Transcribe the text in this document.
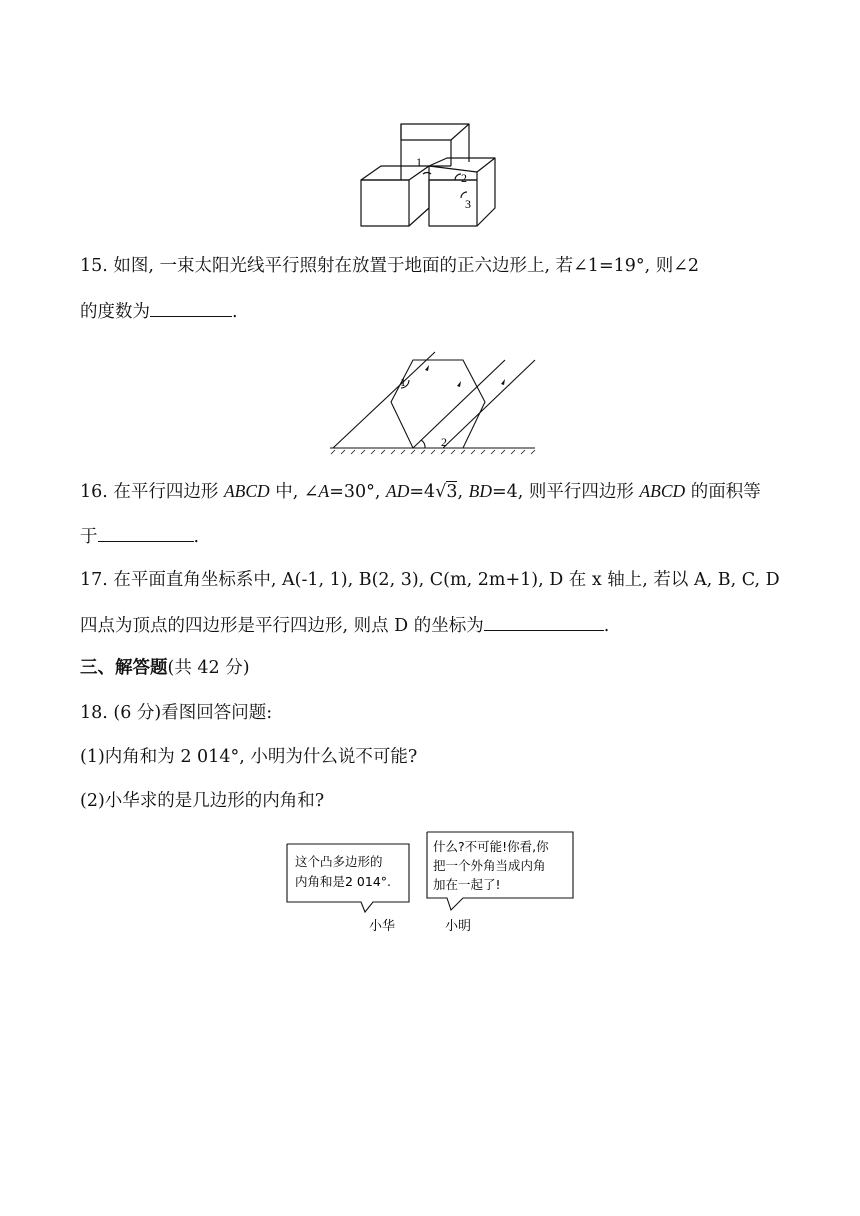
1
2
3
15. 如图, 一束太阳光线平行照射在放置于地面的正六边形上, 若∠1=19°, 则∠2
的度数为	.
1
2
16. 在平行四边形 ABCD 中, ∠A=30°, AD=4√3, BD=4, 则平行四边形 ABCD 的面积等
于	.
17. 在平面直角坐标系中, A(-1, 1), B(2, 3), C(m, 2m+1), D 在 x 轴上, 若以 A, B, C, D
四点为顶点的四边形是平行四边形, 则点 D 的坐标为	.
三、解答题(共 42 分)
18. (6 分)看图回答问题:
(1)内角和为 2 014°, 小明为什么说不可能?
(2)小华求的是几边形的内角和?
这个凸多边形的
内角和是2 014°.
什么?不可能!你看,你
把一个外角当成内角
加在一起了!
小华	小明
